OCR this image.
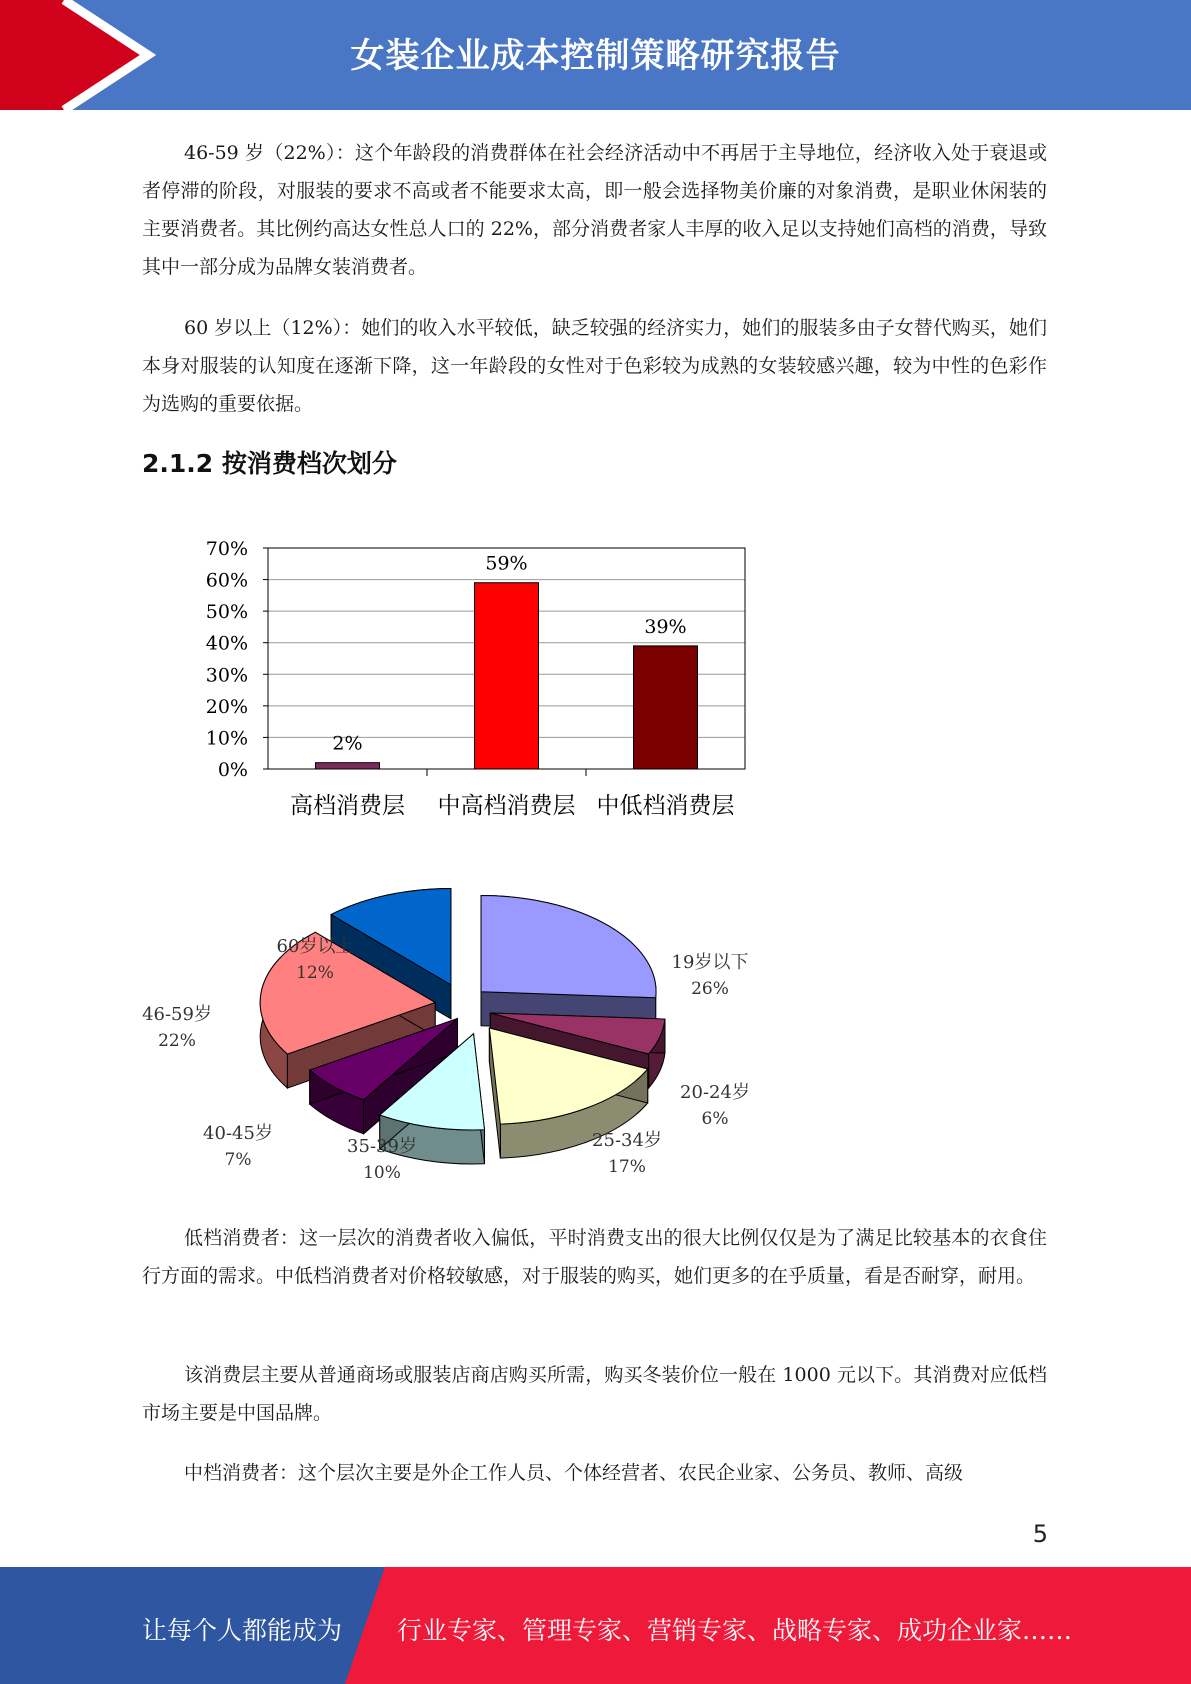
女装企业成本控制策略研究报告

46-59 岁（22%）：这个年龄段的消费群体在社会经济活动中不再居于主导地位，经济收入处于衰退或者停滞的阶段，对服装的要求不高或者不能要求太高，即一般会选择物美价廉的对象消费，是职业休闲装的主要消费者。其比例约高达女性总人口的 22%，部分消费者家人丰厚的收入足以支持她们高档的消费，导致其中一部分成为品牌女装消费者。

60 岁以上（12%）：她们的收入水平较低，缺乏较强的经济实力，她们的服装多由子女替代购买，她们本身对服装的认知度在逐渐下降，这一年龄段的女性对于色彩较为成熟的女装较感兴趣，较为中性的色彩作为选购的重要依据。

2.1.2 按消费档次划分
0%
10%
20%
30%
40%
50%
60%
70%
2%
高档消费层
59%
中高档消费层
39%
中低档消费层
19岁以下
26%
20-24岁
6%
25-34岁
17%
35-39岁
10%
40-45岁
7%
46-59岁
22%
60岁以上
12%

低档消费者：这一层次的消费者收入偏低，平时消费支出的很大比例仅仅是为了满足比较基本的衣食住行方面的需求。中低档消费者对价格较敏感，对于服装的购买，她们更多的在乎质量，看是否耐穿，耐用。

该消费层主要从普通商场或服装店商店购买所需，购买冬装价位一般在 1000 元以下。其消费对应低档市场主要是中国品牌。

中档消费者：这个层次主要是外企工作人员、个体经营者、农民企业家、公务员、教师、高级

5
让每个人都能成为 行业专家、管理专家、营销专家、战略专家、成功企业家……
